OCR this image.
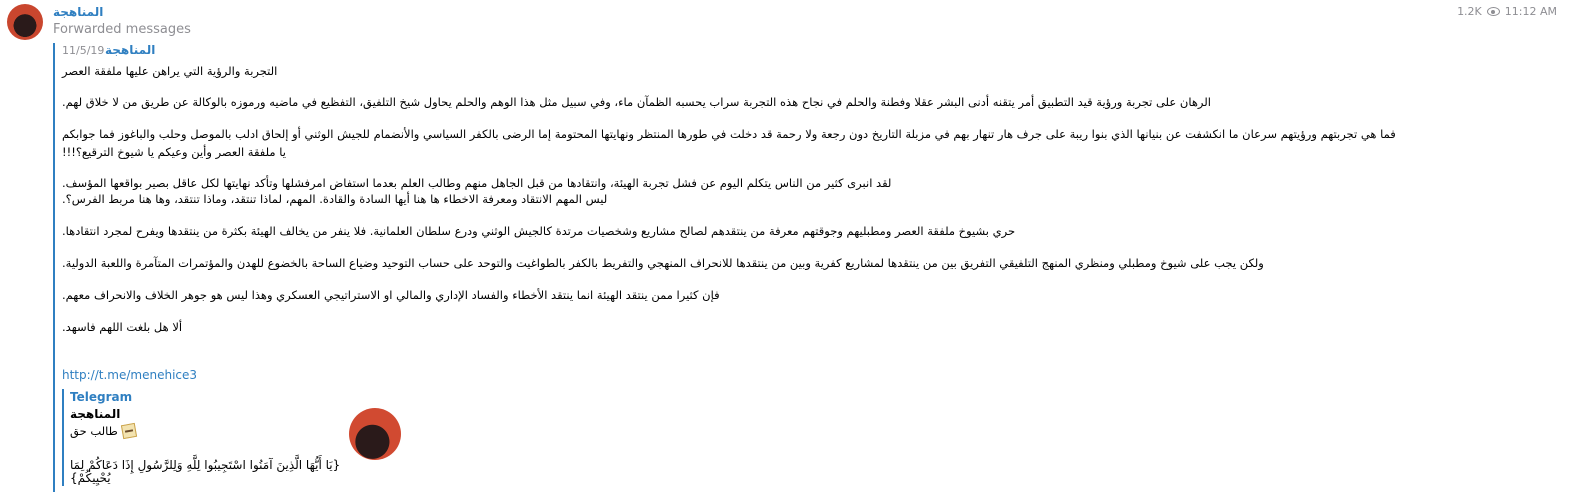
المناهجة
Forwarded messages
1.2K 11:12 AM
11/5/19 المناهجة
التجربة والرؤية التي يراهن عليها ملفقة العصر
الرهان على تجربة ورؤية قيد التطبيق أمر يتقنه أدنى البشر عقلا وفطنة والحلم في نجاح هذه التجربة سراب يحسبه الظمآن ماء، وفي سبيل مثل هذا الوهم والحلم يحاول شيخ التلفيق، التفظيع في ماضيه ورموزه بالوكالة عن طريق من لا خلاق لهم.
فما هي تجربتهم ورؤيتهم سرعان ما انكشفت عن بنيانها الذي بنوا ريبة على جرف هار تنهار بهم في مزبلة التاريخ دون رجعة ولا رحمة قد دخلت في طورها المنتظر ونهايتها المحتومة إما الرضى بالكفر السياسي والأنضمام للجيش الوثني أو إلحاق ادلب بالموصل وحلب والباغوز فما جوابكم
يا ملفقة العصر وأين وعيكم يا شيوخ الترقيع؟!!!
لقد انبرى كثير من الناس يتكلم اليوم عن فشل تجربة الهيئة، وانتقادها من قبل الجاهل منهم وطالب العلم بعدما استفاض امرفشلها وتأكد نهايتها لكل عاقل بصير بواقعها المؤسف.
ليس المهم الانتقاد ومعرفة الاخطاء ها هنا أيها السادة والقادة. المهم، لماذا تنتقد، وماذا تنتقد، وها هنا مربط الفرس؟.
حري بشيوخ ملفقة العصر ومطبليهم وجوقتهم معرفة من ينتقدهم لصالح مشاريع وشخصيات مرتدة كالجيش الوثني ودرع سلطان العلمانية. فلا ينفر من يخالف الهيئة بكثرة من ينتقدها ويفرح لمجرد انتقادها.
ولكن يجب على شيوخ ومطبلي ومنظري المنهج التلفيقي التفريق بين من ينتقدها لمشاريع كفرية وبين من ينتقدها للانحراف المنهجي والتفريط بالكفر بالطواغيت والتوحد على حساب التوحيد وضياع الساحة بالخضوع للهدن والمؤتمرات المتآمرة واللعبة الدولية.
فإن كثيرا ممن ينتقد الهيئة انما ينتقد الأخطاء والفساد الإداري والمالي او الاستراتيجي العسكري وهذا ليس هو جوهر الخلاف والانحراف معهم.
ألا هل بلغت اللهم فاسهد.
http://t.me/menehice3
Telegram
المناهجة
طالب حق
{يَا أَيُّهَا الَّذِينَ آمَنُوا اسْتَجِيبُوا لِلَّهِ وَلِلرَّسُولِ إِذَا دَعَاكُمْ لِمَا يُحْيِيكُمْ}
